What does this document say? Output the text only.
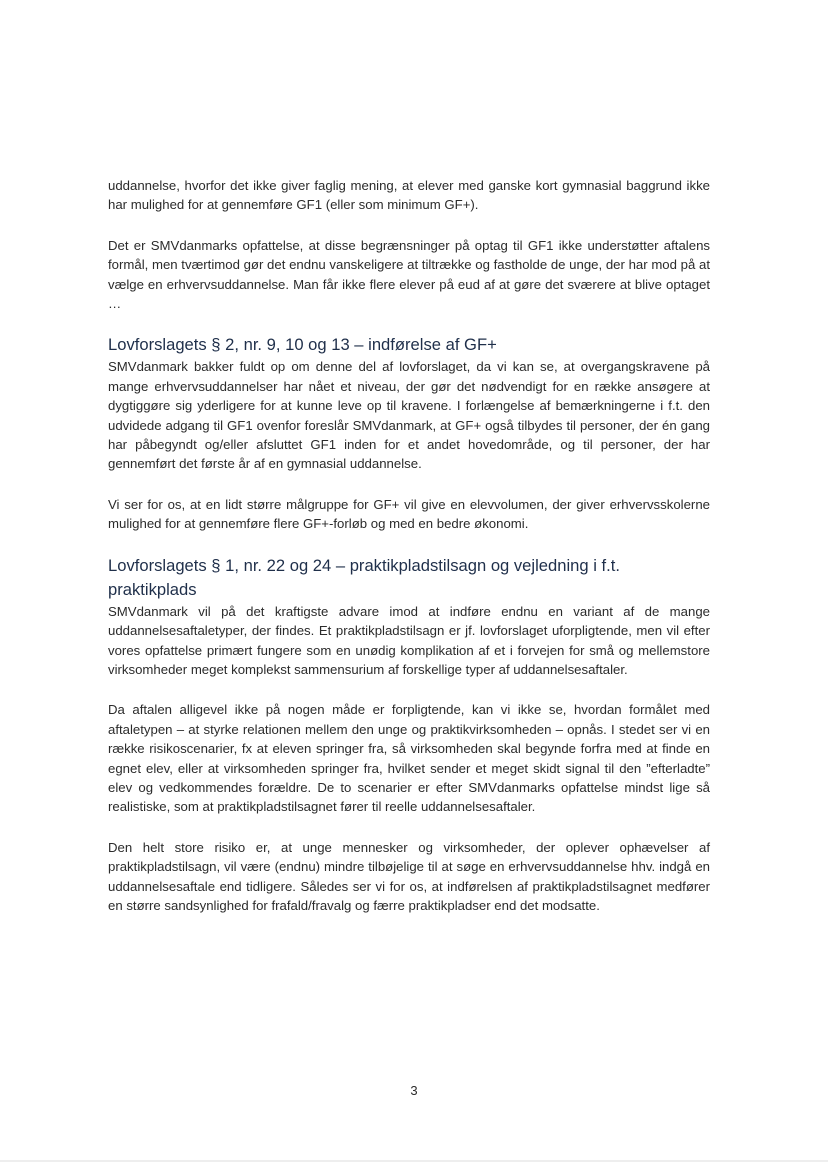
uddannelse, hvorfor det ikke giver faglig mening, at elever med ganske kort gymnasial baggrund ikke har mulighed for at gennemføre GF1 (eller som minimum GF+).

Det er SMVdanmarks opfattelse, at disse begrænsninger på optag til GF1 ikke understøtter aftalens formål, men tværtimod gør det endnu vanskeligere at tiltrække og fastholde de unge, der har mod på at vælge en erhvervsuddannelse. Man får ikke flere elever på eud af at gøre det sværere at blive optaget …

Lovforslagets § 2, nr. 9, 10 og 13 – indførelse af GF+

SMVdanmark bakker fuldt op om denne del af lovforslaget, da vi kan se, at overgangskravene på mange erhvervsuddannelser har nået et niveau, der gør det nødvendigt for en række ansøgere at dygtiggøre sig yderligere for at kunne leve op til kravene. I forlængelse af bemærkningerne i f.t. den udvidede adgang til GF1 ovenfor foreslår SMVdanmark, at GF+ også tilbydes til personer, der én gang har påbegyndt og/eller afsluttet GF1 inden for et andet hovedområde, og til personer, der har gennemført det første år af en gymnasial uddannelse.

Vi ser for os, at en lidt større målgruppe for GF+ vil give en elevvolumen, der giver erhvervsskolerne mulighed for at gennemføre flere GF+-forløb og med en bedre økonomi.

Lovforslagets § 1, nr. 22 og 24 – praktikpladstilsagn og vejledning i f.t. praktikplads

SMVdanmark vil på det kraftigste advare imod at indføre endnu en variant af de mange uddannelsesaftaletyper, der findes. Et praktikpladstilsagn er jf. lovforslaget uforpligtende, men vil efter vores opfattelse primært fungere som en unødig komplikation af et i forvejen for små og mellemstore virksomheder meget komplekst sammensurium af forskellige typer af uddannelsesaftaler.

Da aftalen alligevel ikke på nogen måde er forpligtende, kan vi ikke se, hvordan formålet med aftaletypen – at styrke relationen mellem den unge og praktikvirksomheden – opnås. I stedet ser vi en række risikoscenarier, fx at eleven springer fra, så virksomheden skal begynde forfra med at finde en egnet elev, eller at virksomheden springer fra, hvilket sender et meget skidt signal til den ”efterladte” elev og vedkommendes forældre. De to scenarier er efter SMVdanmarks opfattelse mindst lige så realistiske, som at praktikpladstilsagnet fører til reelle uddannelsesaftaler.

Den helt store risiko er, at unge mennesker og virksomheder, der oplever ophævelser af praktikpladstilsagn, vil være (endnu) mindre tilbøjelige til at søge en erhvervsuddannelse hhv. indgå en uddannelsesaftale end tidligere. Således ser vi for os, at indførelsen af praktikpladstilsagnet medfører en større sandsynlighed for frafald/fravalg og færre praktikpladser end det modsatte.

3
